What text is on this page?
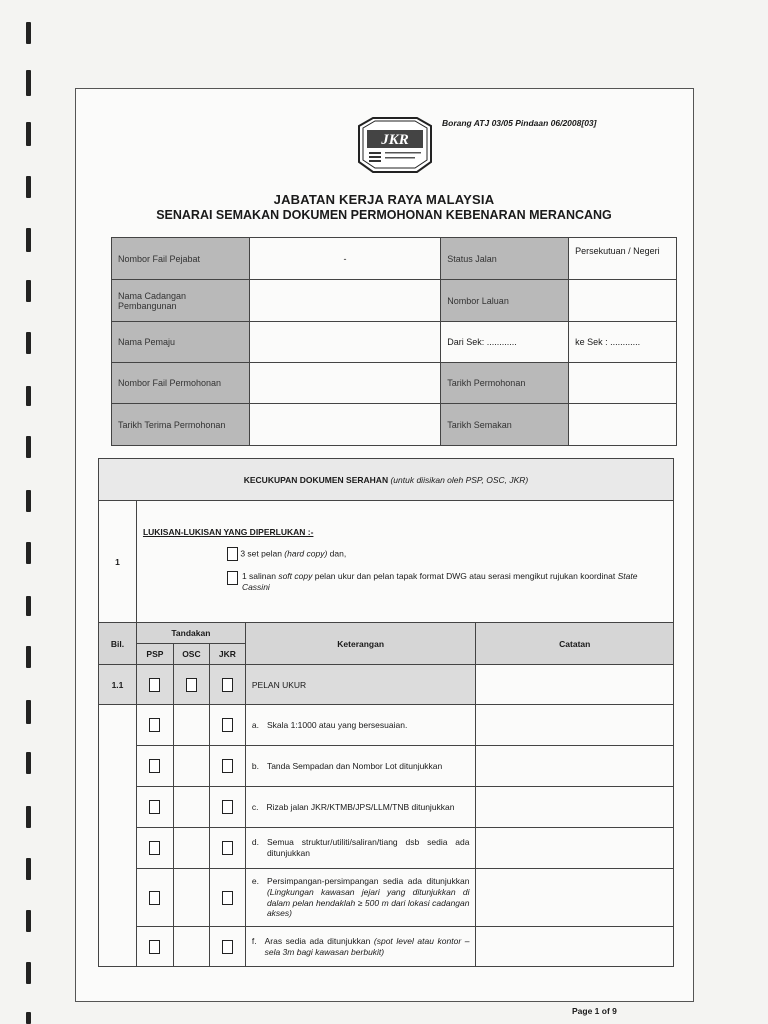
JKR
Borang ATJ 03/05 Pindaan 06/2008[03]
JABATAN KERJA RAYA MALAYSIA
SENARAI SEMAKAN DOKUMEN PERMOHONAN KEBENARAN MERANCANG
Nombor Fail Pejabat	-	Status Jalan	Persekutuan / Negeri
Nama Cadangan Pembangunan		Nombor Laluan	
Nama Pemaju		Dari Sek: ............	ke Sek : ............
Nombor Fail Permohonan		Tarikh Permohonan	
Tarikh Terima Permohonan		Tarikh Semakan	
KECUKUPAN DOKUMEN SERAHAN (untuk diisikan oleh PSP, OSC, JKR)					
1	LUKISAN-LUKISAN YANG DIPERLUKAN :-
3 set pelan (hard copy) dan,
1 salinan soft copy pelan ukur dan pelan tapak format DWG atau serasi mengikut rujukan koordinat State Cassini				

Bil.	Tandakan			Keterangan	Catatan
	PSP	OSC	JKR		
1.1				PELAN UKUR	

				a. Skala 1:1000 atau yang bersesuaian.	

				b. Tanda Sempadan dan Nombor Lot ditunjukkan	

				c. Rizab jalan JKR/KTMB/JPS/LLM/TNB ditunjukkan	

				d. Semua struktur/utiliti/saliran/tiang dsb sedia ada ditunjukkan	

				e. Persimpangan-persimpangan sedia ada ditunjukkan (Lingkungan kawasan jejari yang ditunjukkan di dalam pelan hendaklah ≥ 500 m dari lokasi cadangan akses)	

				f. Aras sedia ada ditunjukkan (spot level atau kontor – sela 3m bagi kawasan berbukit)	

Page 1 of 9
